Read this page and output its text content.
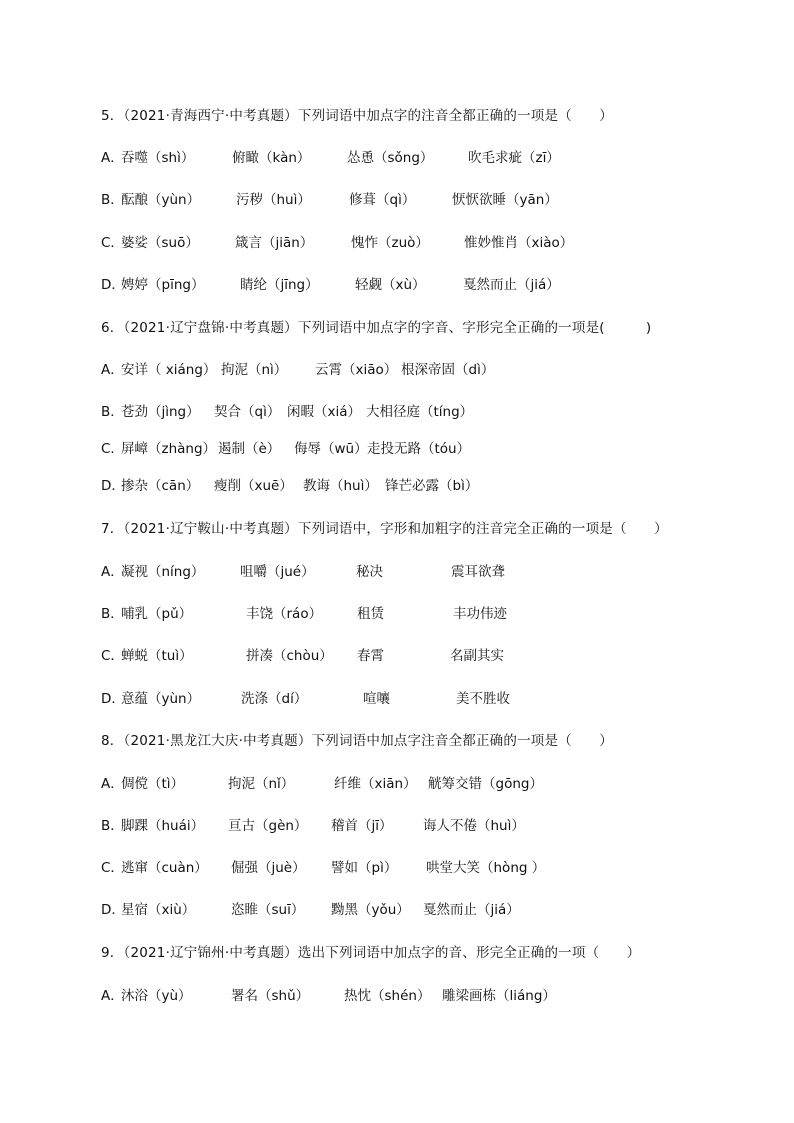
5．（2021·青海西宁·中考真题）下列词语中加点字的注音全都正确的一项是（　　）
A．
吞噬（shì）	俯瞰（kàn）	怂恿（sǒng）	吹毛求疵（zī）
B．
酝酿（yùn）	污秽（huì）	修葺（qì）	恹恹欲睡（yān）
C．
婆娑（suō）	箴言（jiān）	愧怍（zuò）	惟妙惟肖（xiào）
D．
娉婷（pīng）	睛纶（jīng）	轻觑（xù）	戛然而止（jiá）
6．（2021·辽宁盘锦·中考真题）下列词语中加点字的字音、字形完全正确的一项是(　　　)
A．
安详（ xiáng） 拘泥（nì） 云霄（xiāo） 根深帝固（dì）
B．
苍劲（jìng） 契合（qì） 闲暇（xiá） 大相径庭（tíng）
C．
屏嶂（zhàng） 遏制（è） 侮辱（wū） 走投无路（tóu）
D．
掺杂（cān） 瘦削（xuē） 教诲（huì） 锋芒必露（bì）
7．（2021·辽宁鞍山·中考真题）下列词语中，字形和加粗字的注音完全正确的一项是（　　）
A．
凝视（níng）	咀嚼（jué）	秘决	震耳欲聋
B．
哺乳（pǔ）	丰饶（ráo）	租赁	丰功伟迹
C．
蝉蜕（tuì）	拼凑（chòu） 春霄	名副其实
D．
意蕴（yùn）	洗涤（dí）	喧嚷	美不胜收
8．（2021·黑龙江大庆·中考真题）下列词语中加点字注音全都正确的一项是（　　）
A．
倜傥（tì）	拘泥（nǐ）	纤维（xiān） 觥筹交错（gōng）
B．
脚踝（huái） 亘古（gèn） 稽首（jī） 诲人不倦（huì）
C．
逃窜（cuàn） 倔强（juè） 譬如（pì） 哄堂大笑（hòng ）
D．
星宿（xiù）	恣睢（suī） 黝黑（yǒu） 戛然而止（jiá）
9．（2021·辽宁锦州·中考真题）选出下列词语中加点字的音、形完全正确的一项（　　）
A．
沐浴（yù）	署名（shǔ）	热忱（shén） 雕梁画栋（liáng）
